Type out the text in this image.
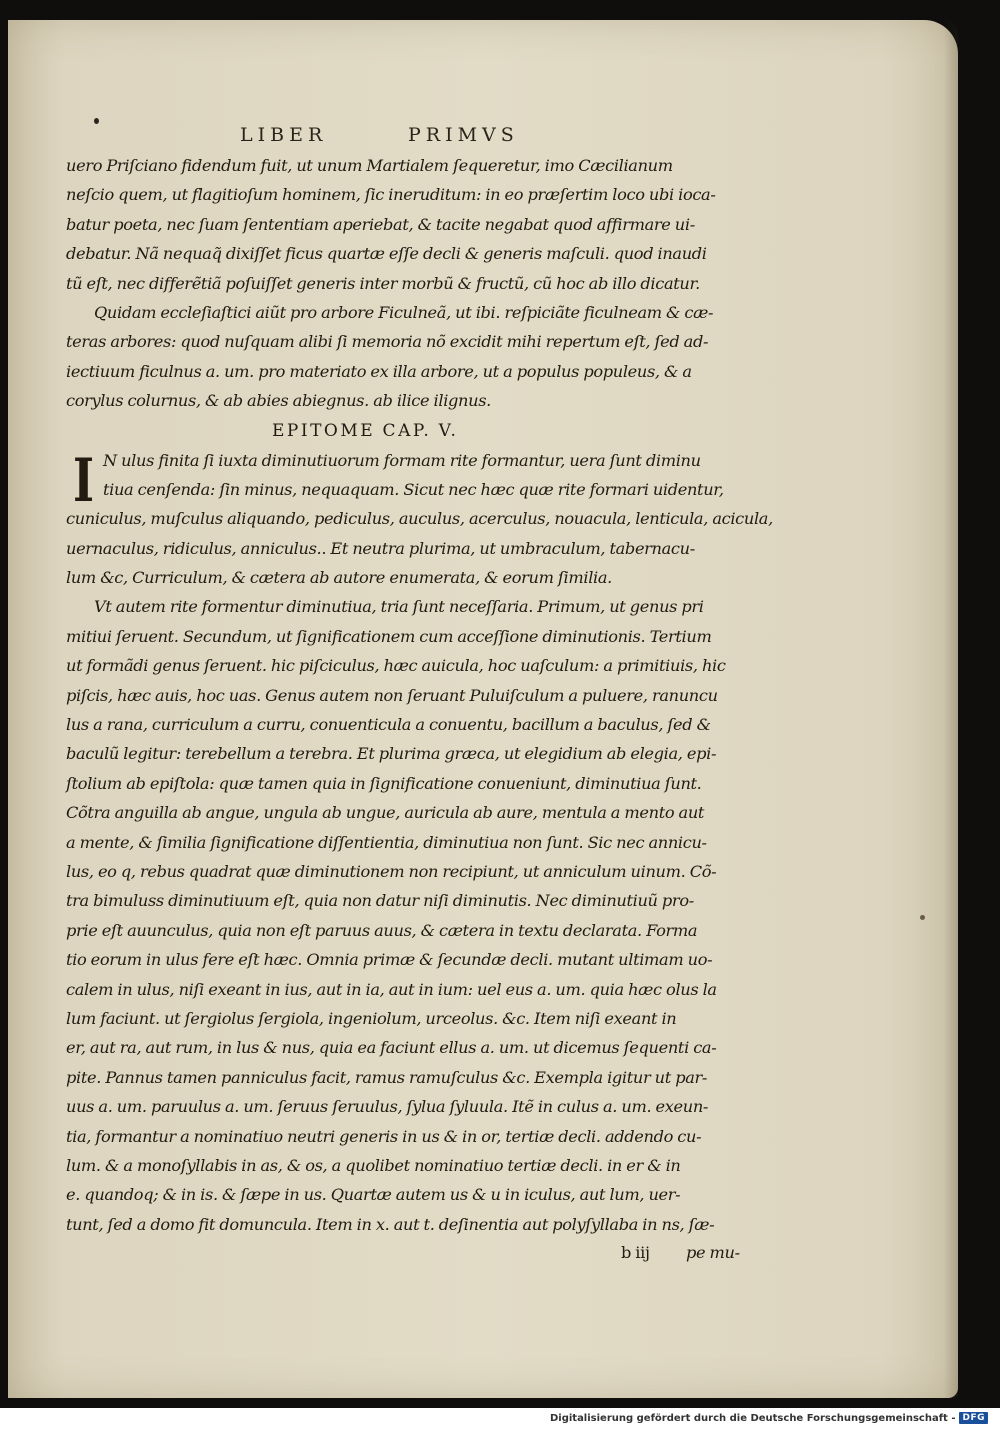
LIBER	PRIMVS
uero Priſciano fidendum fuit, ut unum Martialem ſequeretur, imo Cæcilianum
neſcio quem, ut flagitioſum hominem, ſic ineruditum: in eo præſertim loco ubi ioca-
batur poeta, nec ſuam ſententiam aperiebat, & tacite negabat quod affirmare ui-
debatur. Nã nequaq̃ dixiſſet ficus quartæ eſſe decli & generis maſculi. quod inaudi
tũ eſt, nec differẽtiã poſuiſſet generis inter morbũ & fructũ, cũ hoc ab illo dicatur.
Quidam eccleſiaſtici aiũt pro arbore Ficulneã, ut ibi. reſpiciãte ficulneam & cæ-
teras arbores: quod nuſquam alibi ſi memoria nõ excidit mihi repertum eſt, ſed ad-
iectiuum ficulnus a. um. pro materiato ex illa arbore, ut a populus populeus, & a
corylus colurnus, & ab abies abiegnus. ab ilice ilignus.
EPITOME CAP. V.
I N ulus finita ſi iuxta diminutiuorum formam rite formantur, uera ſunt diminu
tiua cenſenda: ſin minus, nequaquam. Sicut nec hæc quæ rite formari uidentur,
cuniculus, muſculus aliquando, pediculus, auculus, acerculus, nouacula, lenticula, acicula,
uernaculus, ridiculus, anniculus.. Et neutra plurima, ut umbraculum, tabernacu-
lum &c, Curriculum, & cætera ab autore enumerata, & eorum ſimilia.
Vt autem rite formentur diminutiua, tria ſunt neceſſaria. Primum, ut genus pri
mitiui ſeruent. Secundum, ut ſignificationem cum acceſſione diminutionis. Tertium
ut formãdi genus ſeruent. hic piſciculus, hæc auicula, hoc uaſculum: a primitiuis, hic
piſcis, hæc auis, hoc uas. Genus autem non ſeruant Puluiſculum a puluere, ranuncu
lus a rana, curriculum a curru, conuenticula a conuentu, bacillum a baculus, ſed &
baculũ legitur: terebellum a terebra. Et plurima græca, ut elegidium ab elegia, epi-
ſtolium ab epiſtola: quæ tamen quia in ſignificatione conueniunt, diminutiua ſunt.
Cõtra anguilla ab angue, ungula ab ungue, auricula ab aure, mentula a mento aut
a mente, & ſimilia ſignificatione diſſentientia, diminutiua non ſunt. Sic nec annicu-
lus, eo q, rebus quadrat quæ diminutionem non recipiunt, ut anniculum uinum. Cõ-
tra bimuluss diminutiuum eſt, quia non datur niſi diminutis. Nec diminutiuũ pro-
prie eſt auunculus, quia non eſt paruus auus, & cætera in textu declarata. Forma
tio eorum in ulus fere eſt hæc. Omnia primæ & ſecundæ decli. mutant ultimam uo-
calem in ulus, niſi exeant in ius, aut in ia, aut in ium: uel eus a. um. quia hæc olus la
lum faciunt. ut ſergiolus ſergiola, ingeniolum, urceolus. &c. Item niſi exeant in
er, aut ra, aut rum, in lus & nus, quia ea faciunt ellus a. um. ut dicemus ſequenti ca-
pite. Pannus tamen panniculus facit, ramus ramuſculus &c. Exempla igitur ut par-
uus a. um. paruulus a. um. ſeruus ſeruulus, ſylua ſyluula. Itẽ in culus a. um. exeun-
tia, formantur a nominatiuo neutri generis in us & in or, tertiæ decli. addendo cu-
lum. & a monoſyllabis in as, & os, a quolibet nominatiuo tertiæ decli. in er & in
e. quandoq; & in is. & ſæpe in us. Quartæ autem us & u in iculus, aut lum, uer-
tunt, ſed a domo fit domuncula. Item in x. aut t. deſinentia aut polyſyllaba in ns, ſæ-
b iij pe mu-
Digitalisierung gefördert durch die Deutsche Forschungsgemeinschaft - DFG
